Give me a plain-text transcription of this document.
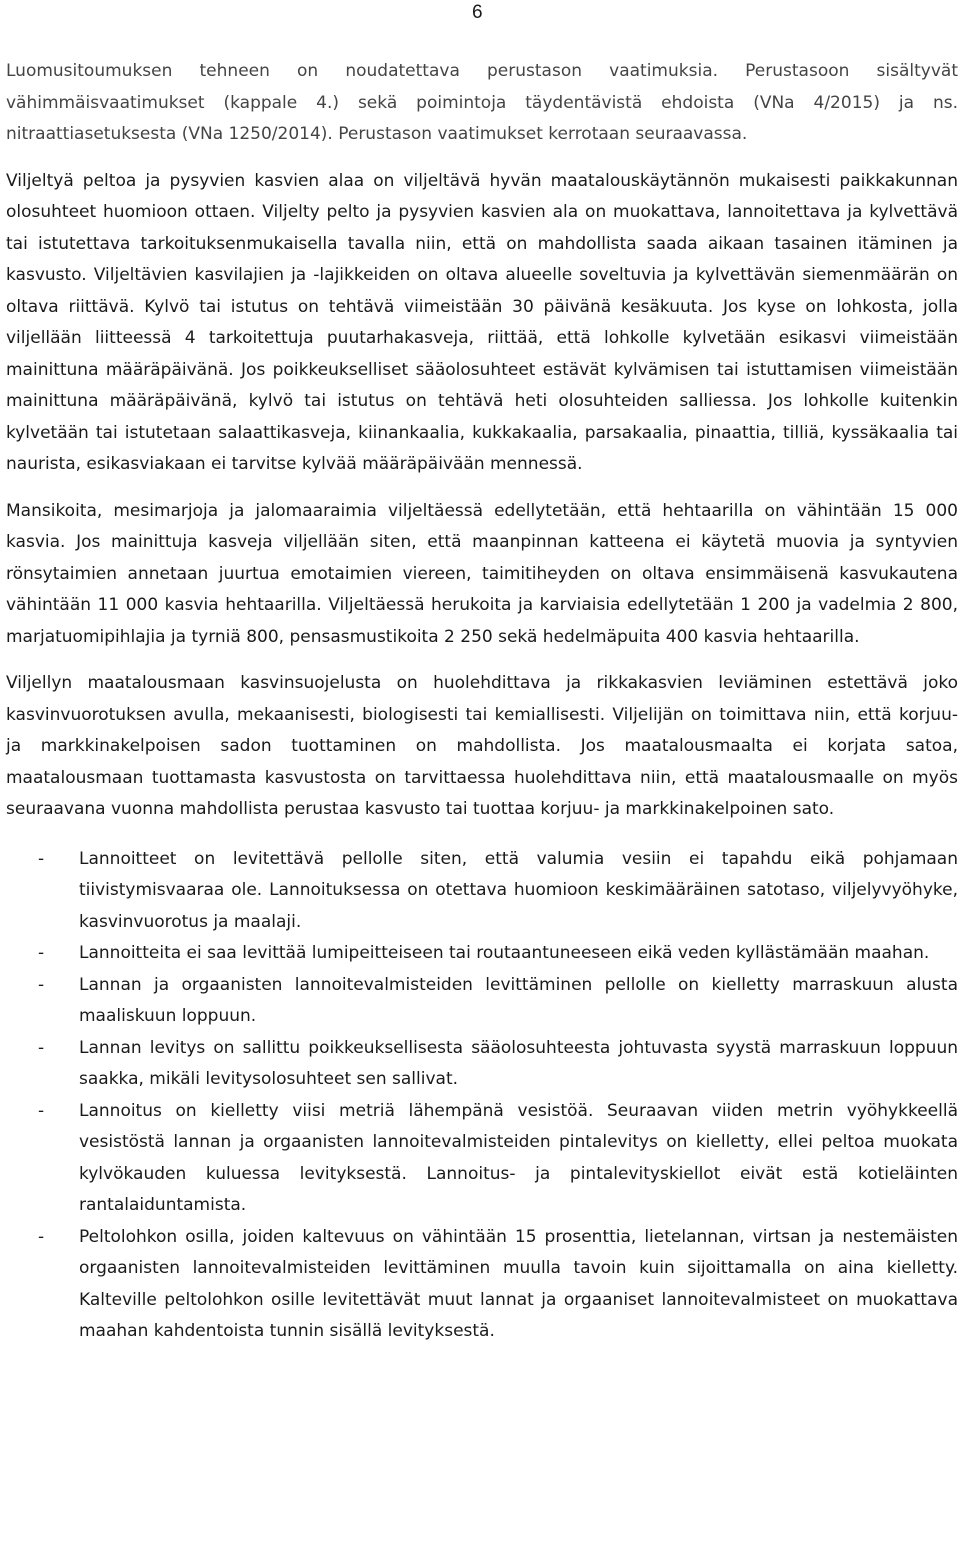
6

Luomusitoumuksen tehneen on noudatettava perustason vaatimuksia. Perustasoon sisältyvät vähimmäisvaatimukset (kappale 4.) sekä poimintoja täydentävistä ehdoista (VNa 4/2015) ja ns. nitraattiasetuksesta (VNa 1250/2014). Perustason vaatimukset kerrotaan seuraavassa.

Viljeltyä peltoa ja pysyvien kasvien alaa on viljeltävä hyvän maatalouskäytännön mukaisesti paikkakunnan olosuhteet huomioon ottaen. Viljelty pelto ja pysyvien kasvien ala on muokattava, lannoitettava ja kylvettävä tai istutettava tarkoituksenmukaisella tavalla niin, että on mahdollista saada aikaan tasainen itäminen ja kasvusto. Viljeltävien kasvilajien ja -lajikkeiden on oltava alueelle soveltuvia ja kylvettävän siemenmäärän on oltava riittävä. Kylvö tai istutus on tehtävä viimeistään 30 päivänä kesäkuuta. Jos kyse on lohkosta, jolla viljellään liitteessä 4 tarkoitettuja puutarhakasveja, riittää, että lohkolle kylvetään esikasvi viimeistään mainittuna määräpäivänä. Jos poikkeukselliset sääolosuhteet estävät kylvämisen tai istuttamisen viimeistään mainittuna määräpäivänä, kylvö tai istutus on tehtävä heti olosuhteiden salliessa. Jos lohkolle kuitenkin kylvetään tai istutetaan salaattikasveja, kiinankaalia, kukkakaalia, parsakaalia, pinaattia, tilliä, kyssäkaalia tai naurista, esikasviakaan ei tarvitse kylvää määräpäivään mennessä.

Mansikoita, mesimarjoja ja jalomaaraimia viljeltäessä edellytetään, että hehtaarilla on vähintään 15 000 kasvia. Jos mainittuja kasveja viljellään siten, että maanpinnan katteena ei käytetä muovia ja syntyvien rönsytaimien annetaan juurtua emotaimien viereen, taimitiheyden on oltava ensimmäisenä kasvukautena vähintään 11 000 kasvia hehtaarilla. Viljeltäessä herukoita ja karviaisia edellytetään 1 200 ja vadelmia 2 800, marjatuomipihlajia ja tyrniä 800, pensasmustikoita 2 250 sekä hedelmäpuita 400 kasvia hehtaarilla.

Viljellyn maatalousmaan kasvinsuojelusta on huolehdittava ja rikkakasvien leviäminen estettävä joko kasvinvuorotuksen avulla, mekaanisesti, biologisesti tai kemiallisesti. Viljelijän on toimittava niin, että korjuu- ja markkinakelpoisen sadon tuottaminen on mahdollista. Jos maatalousmaalta ei korjata satoa, maatalousmaan tuottamasta kasvustosta on tarvittaessa huolehdittava niin, että maatalousmaalle on myös seuraavana vuonna mahdollista perustaa kasvusto tai tuottaa korjuu- ja markkinakelpoinen sato.

- Lannoitteet on levitettävä pellolle siten, että valumia vesiin ei tapahdu eikä pohjamaan tiivistymisvaaraa ole. Lannoituksessa on otettava huomioon keskimääräinen satotaso, viljelyvyöhyke, kasvinvuorotus ja maalaji.
- Lannoitteita ei saa levittää lumipeitteiseen tai routaantuneeseen eikä veden kyllästämään maahan.
- Lannan ja orgaanisten lannoitevalmisteiden levittäminen pellolle on kielletty marraskuun alusta maaliskuun loppuun.
- Lannan levitys on sallittu poikkeuksellisesta sääolosuhteesta johtuvasta syystä marraskuun loppuun saakka, mikäli levitysolosuhteet sen sallivat.
- Lannoitus on kielletty viisi metriä lähempänä vesistöä. Seuraavan viiden metrin vyöhykkeellä vesistöstä lannan ja orgaanisten lannoitevalmisteiden pintalevitys on kielletty, ellei peltoa muokata kylvökauden kuluessa levityksestä. Lannoitus- ja pintalevityskiellot eivät estä kotieläinten rantalaiduntamista.
- Peltolohkon osilla, joiden kaltevuus on vähintään 15 prosenttia, lietelannan, virtsan ja nestemäisten orgaanisten lannoitevalmisteiden levittäminen muulla tavoin kuin sijoittamalla on aina kielletty. Kalteville peltolohkon osille levitettävät muut lannat ja orgaaniset lannoitevalmisteet on muokattava maahan kahdentoista tunnin sisällä levityksestä.
